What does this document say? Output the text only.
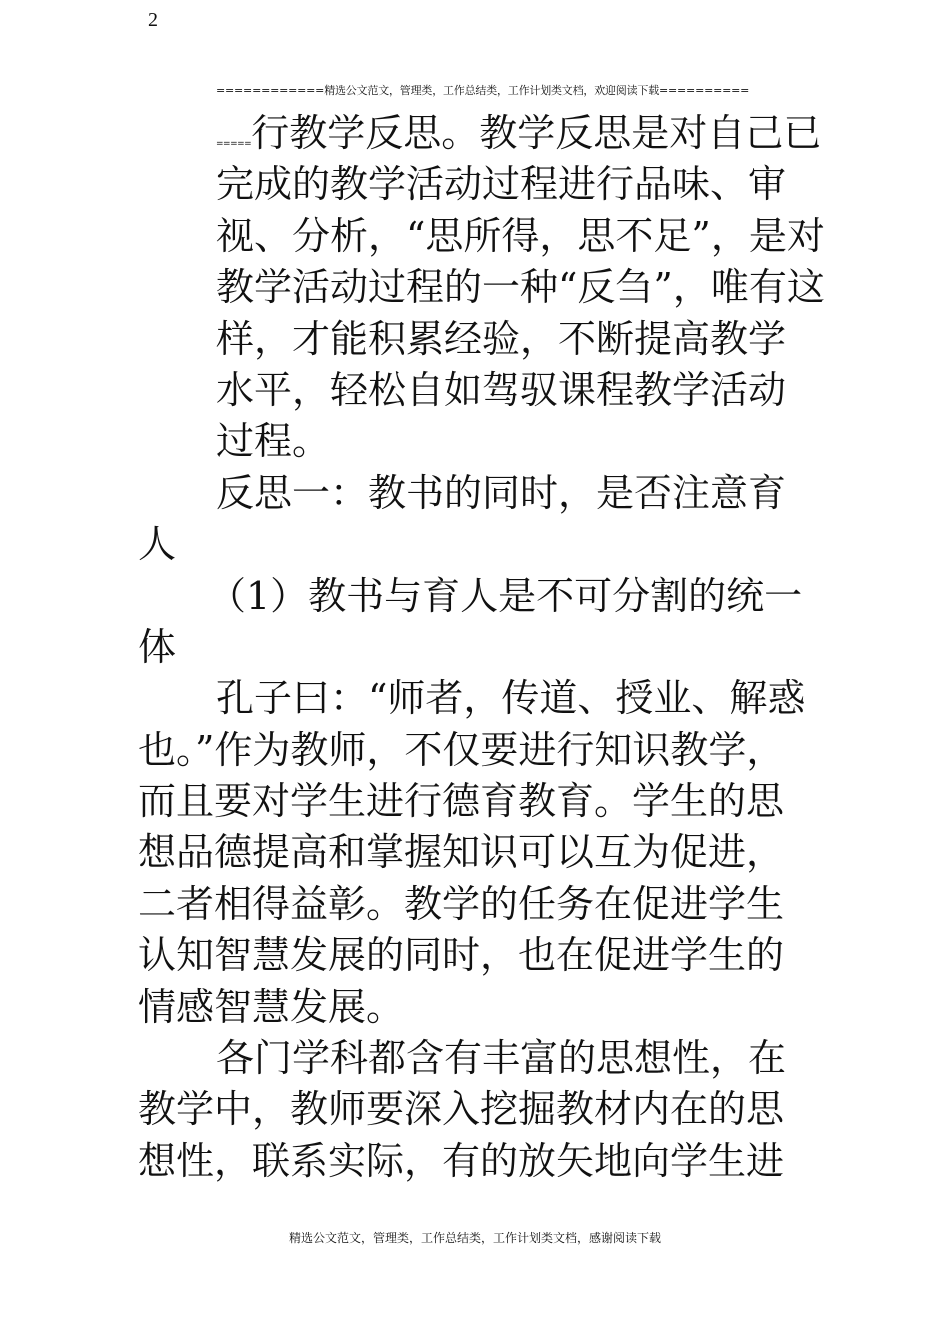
2
============精选公文范文，管理类，工作总结类，工作计划类文档，欢迎阅读下载==========
=====行教学反思。教学反思是对自己已
完成的教学活动过程进行品味、审
视、分析，“思所得，思不足”，是对
教学活动过程的一种“反刍”，唯有这
样，才能积累经验，不断提高教学
水平，轻松自如驾驭课程教学活动
过程。
反思一：教书的同时，是否注意育
人
（1）教书与育人是不可分割的统一
体
孔子曰：“师者，传道、授业、解惑
也。”作为教师，不仅要进行知识教学，
而且要对学生进行德育教育。学生的思
想品德提高和掌握知识可以互为促进，
二者相得益彰。教学的任务在促进学生
认知智慧发展的同时，也在促进学生的
情感智慧发展。
各门学科都含有丰富的思想性，在
教学中，教师要深入挖掘教材内在的思
想性，联系实际，有的放矢地向学生进
精选公文范文，管理类，工作总结类，工作计划类文档，感谢阅读下载
